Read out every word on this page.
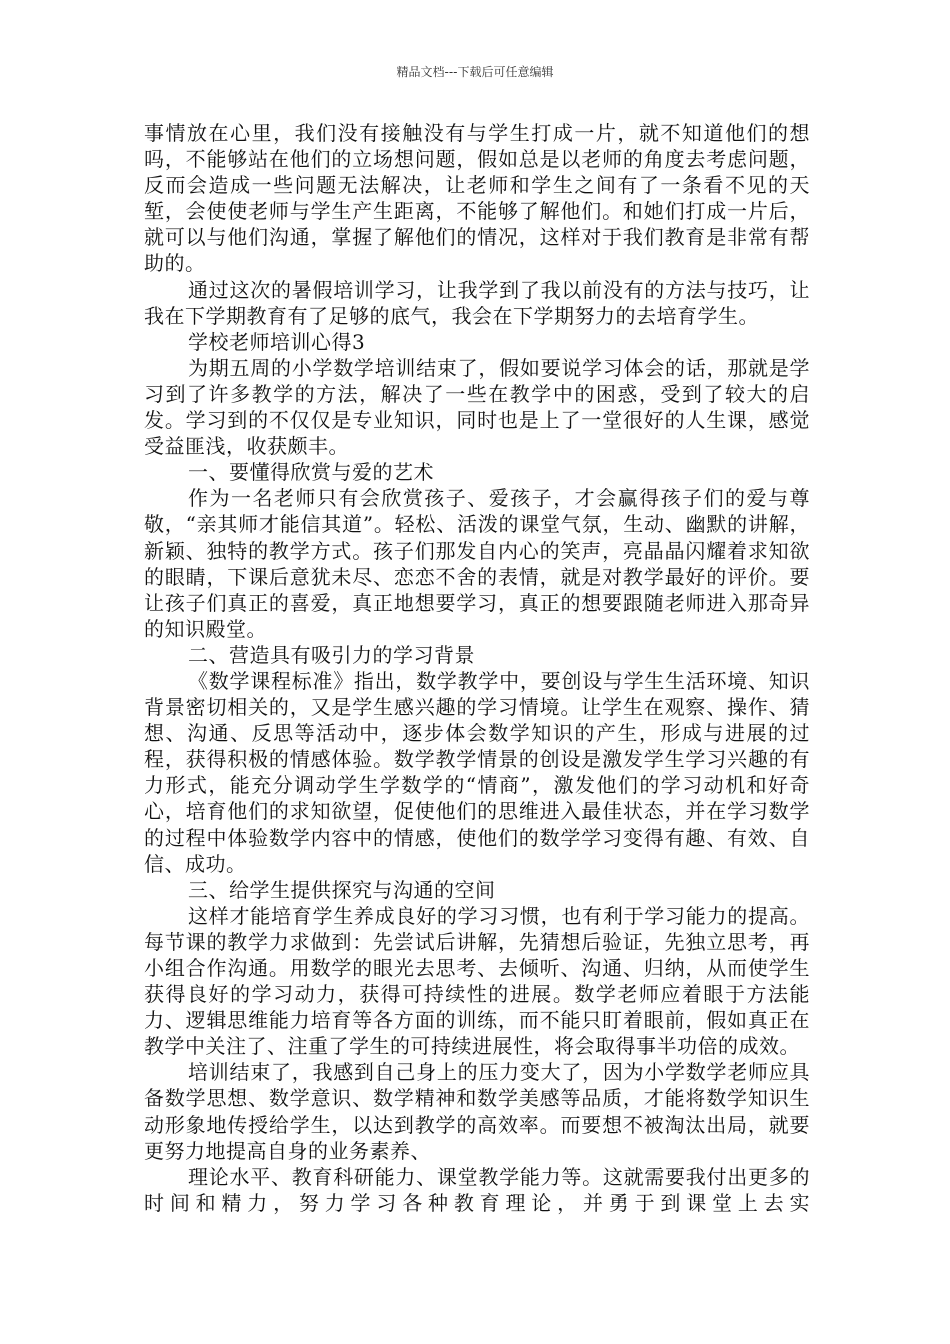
精品文档---下载后可任意编辑

事情放在心里，我们没有接触没有与学生打成一片，就不知道他们的想吗，不能够站在他们的立场想问题，假如总是以老师的角度去考虑问题，反而会造成一些问题无法解决，让老师和学生之间有了一条看不见的天堑，会使使老师与学生产生距离，不能够了解他们。和她们打成一片后，就可以与他们沟通，掌握了解他们的情况，这样对于我们教育是非常有帮助的。

通过这次的暑假培训学习，让我学到了我以前没有的方法与技巧，让我在下学期教育有了足够的底气，我会在下学期努力的去培育学生。

学校老师培训心得3

为期五周的小学数学培训结束了，假如要说学习体会的话，那就是学习到了许多教学的方法，解决了一些在教学中的困惑，受到了较大的启发。学习到的不仅仅是专业知识，同时也是上了一堂很好的人生课，感觉受益匪浅，收获颇丰。

一、要懂得欣赏与爱的艺术

作为一名老师只有会欣赏孩子、爱孩子，才会赢得孩子们的爱与尊敬，“亲其师才能信其道”。轻松、活泼的课堂气氛，生动、幽默的讲解，新颖、独特的教学方式。孩子们那发自内心的笑声，亮晶晶闪耀着求知欲的眼睛，下课后意犹未尽、恋恋不舍的表情，就是对教学最好的评价。要让孩子们真正的喜爱，真正地想要学习，真正的想要跟随老师进入那奇异的知识殿堂。

二、营造具有吸引力的学习背景

《数学课程标准》指出，数学教学中，要创设与学生生活环境、知识背景密切相关的，又是学生感兴趣的学习情境。让学生在观察、操作、猜想、沟通、反思等活动中，逐步体会数学知识的产生，形成与进展的过程，获得积极的情感体验。数学教学情景的创设是激发学生学习兴趣的有力形式，能充分调动学生学数学的“情商”，激发他们的学习动机和好奇心，培育他们的求知欲望，促使他们的思维进入最佳状态，并在学习数学的过程中体验数学内容中的情感，使他们的数学学习变得有趣、有效、自信、成功。

三、给学生提供探究与沟通的空间

这样才能培育学生养成良好的学习习惯，也有利于学习能力的提高。每节课的教学力求做到：先尝试后讲解，先猜想后验证，先独立思考，再小组合作沟通。用数学的眼光去思考、去倾听、沟通、归纳，从而使学生获得良好的学习动力，获得可持续性的进展。数学老师应着眼于方法能力、逻辑思维能力培育等各方面的训练，而不能只盯着眼前，假如真正在教学中关注了、注重了学生的可持续进展性，将会取得事半功倍的成效。

培训结束了，我感到自己身上的压力变大了，因为小学数学老师应具备数学思想、数学意识、数学精神和数学美感等品质，才能将数学知识生动形象地传授给学生，以达到教学的高效率。而要想不被淘汰出局，就要更努力地提高自身的业务素养、

理论水平、教育科研能力、课堂教学能力等。这就需要我付出更多的时间和精力，努力学习各种教育理论，并勇于到课堂上去实
